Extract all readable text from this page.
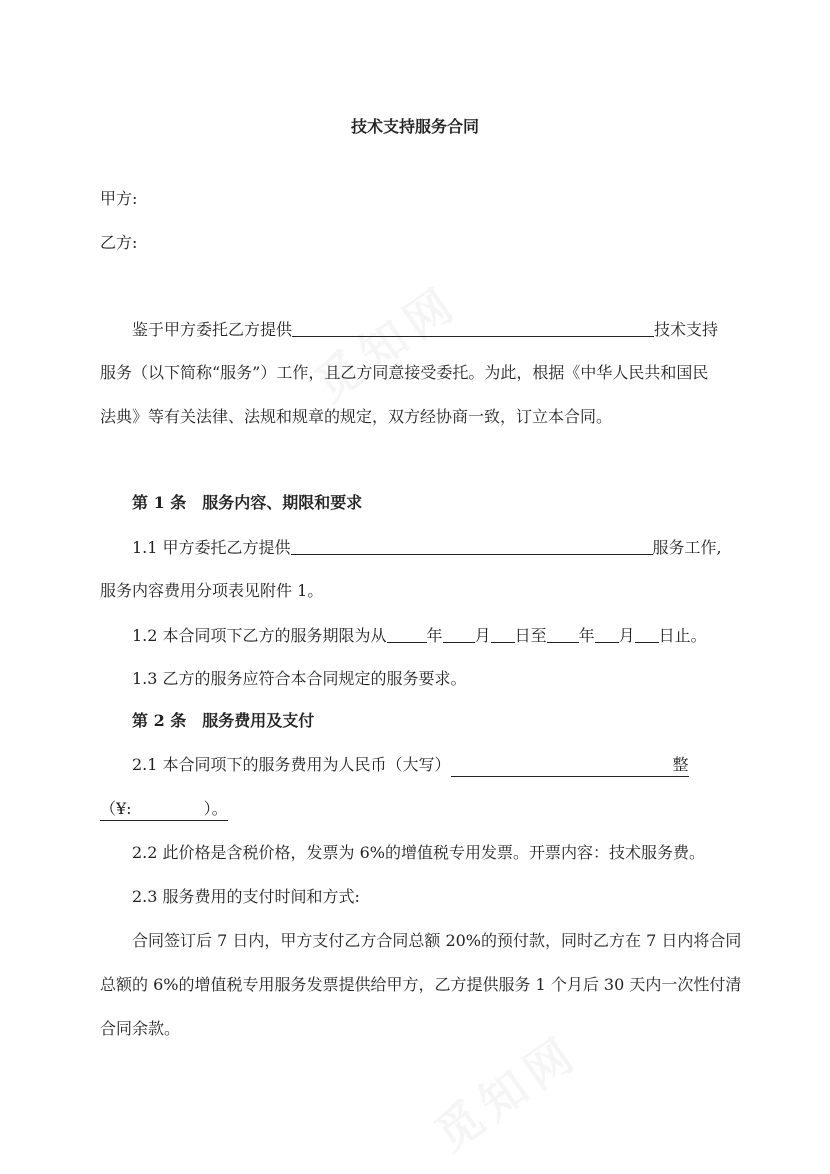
技术支持服务合同
甲方:
乙方:
鉴于甲方委托乙方提供	技术支持
服务（以下简称“服务”）工作，且乙方同意接受委托。为此，根据《中华人民共和国民
法典》等有关法律、法规和规章的规定，双方经协商一致，订立本合同。
第 1 条　服务内容、期限和要求
1.1 甲方委托乙方提供	服务工作,
服务内容费用分项表见附件 1。
1.2 本合同项下乙方的服务期限为从	年 月 日至 年 月 日止。
1.3 乙方的服务应符合本合同规定的服务要求。
第 2 条　服务费用及支付
2.1 本合同项下的服务费用为人民币（大写）	整
（¥:	）。
2.2 此价格是含税价格，发票为 6%的增值税专用发票。开票内容：技术服务费。
2.3 服务费用的支付时间和方式:
合同签订后 7 日内，甲方支付乙方合同总额 20%的预付款，同时乙方在 7 日内将合同
总额的 6%的增值税专用服务发票提供给甲方，乙方提供服务 1 个月后 30 天内一次性付清
合同余款。
